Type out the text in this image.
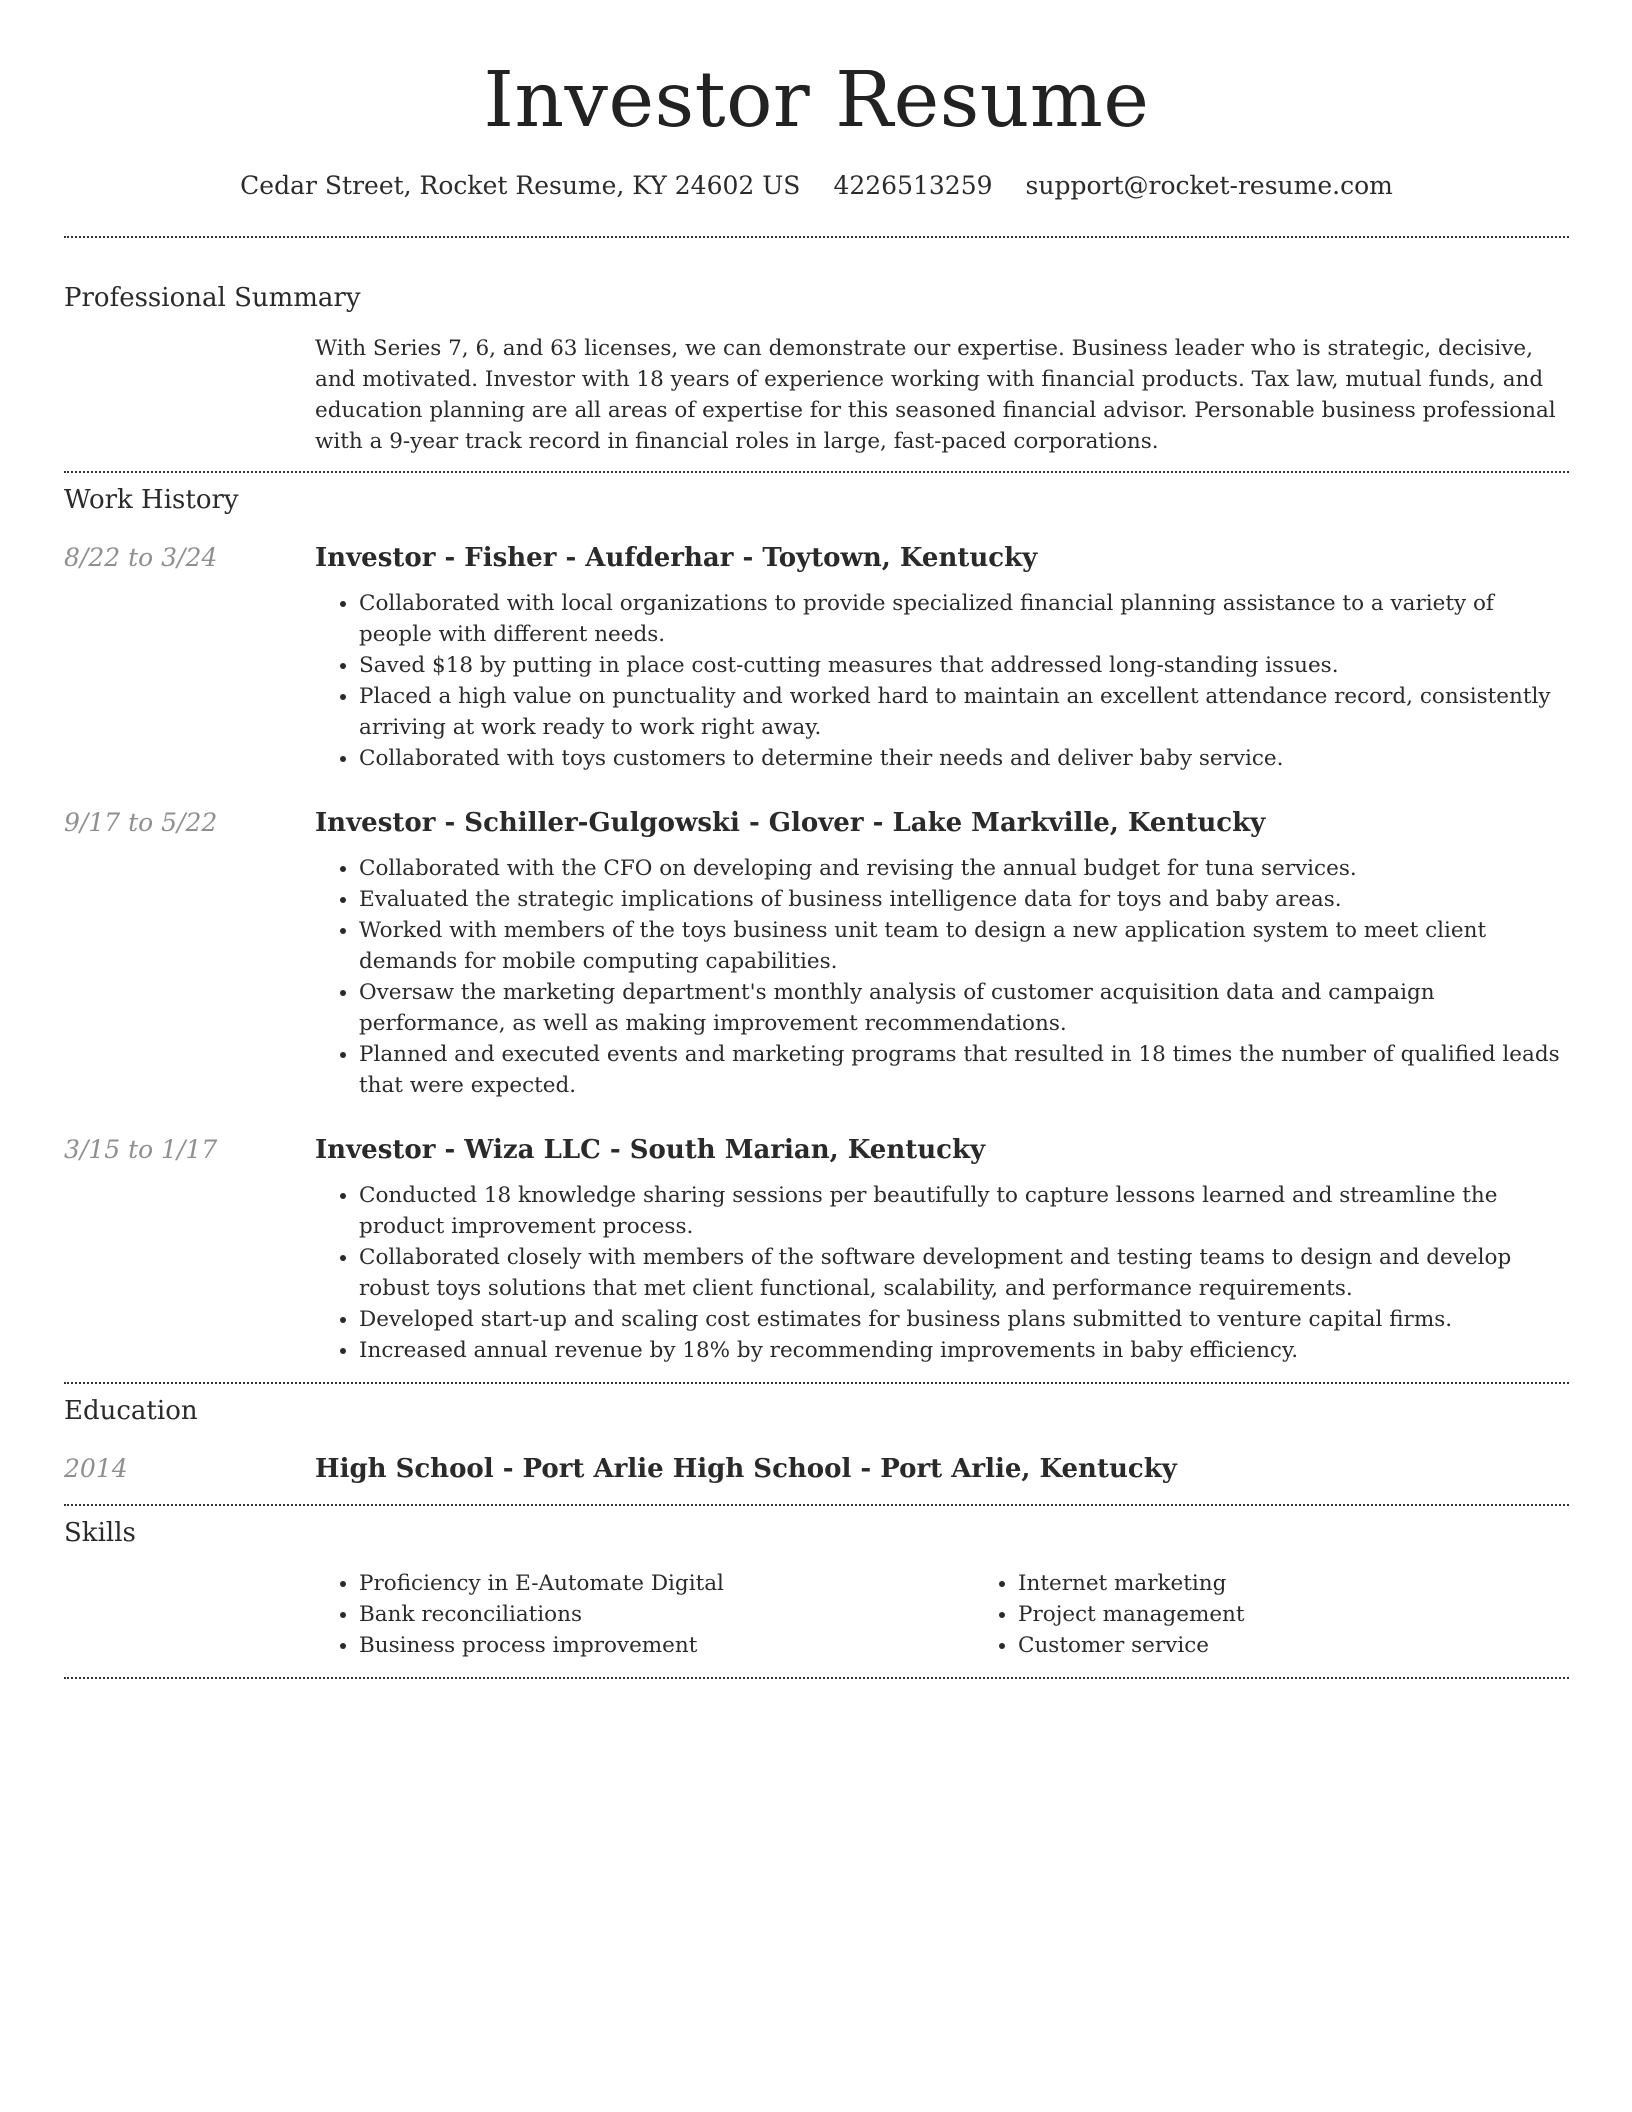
Investor Resume
Cedar Street, Rocket Resume, KY 24602 US 4226513259 support@rocket-resume.com
Professional Summary

With Series 7, 6, and 63 licenses, we can demonstrate our expertise. Business leader who is strategic, decisive, and motivated. Investor with 18 years of experience working with financial products. Tax law, mutual funds, and education planning are all areas of expertise for this seasoned financial advisor. Personable business professional with a 9-year track record in financial roles in large, fast-paced corporations.

Work History
8/22 to 3/24	Investor - Fisher - Aufderhar - Toytown, Kentucky
• Collaborated with local organizations to provide specialized financial planning assistance to a variety of people with different needs.
• Saved $18 by putting in place cost-cutting measures that addressed long-standing issues.
• Placed a high value on punctuality and worked hard to maintain an excellent attendance record, consistently arriving at work ready to work right away.
• Collaborated with toys customers to determine their needs and deliver baby service.
9/17 to 5/22	Investor - Schiller-Gulgowski - Glover - Lake Markville, Kentucky
• Collaborated with the CFO on developing and revising the annual budget for tuna services.
• Evaluated the strategic implications of business intelligence data for toys and baby areas.
• Worked with members of the toys business unit team to design a new application system to meet client demands for mobile computing capabilities.
• Oversaw the marketing department's monthly analysis of customer acquisition data and campaign performance, as well as making improvement recommendations.
• Planned and executed events and marketing programs that resulted in 18 times the number of qualified leads that were expected.
3/15 to 1/17	Investor - Wiza LLC - South Marian, Kentucky
• Conducted 18 knowledge sharing sessions per beautifully to capture lessons learned and streamline the product improvement process.
• Collaborated closely with members of the software development and testing teams to design and develop robust toys solutions that met client functional, scalability, and performance requirements.
• Developed start-up and scaling cost estimates for business plans submitted to venture capital firms.
• Increased annual revenue by 18% by recommending improvements in baby efficiency.
Education
2014	High School - Port Arlie High School - Port Arlie, Kentucky
Skills
• Proficiency in E-Automate Digital
• Bank reconciliations
• Business process improvement
• Internet marketing
• Project management
• Customer service
